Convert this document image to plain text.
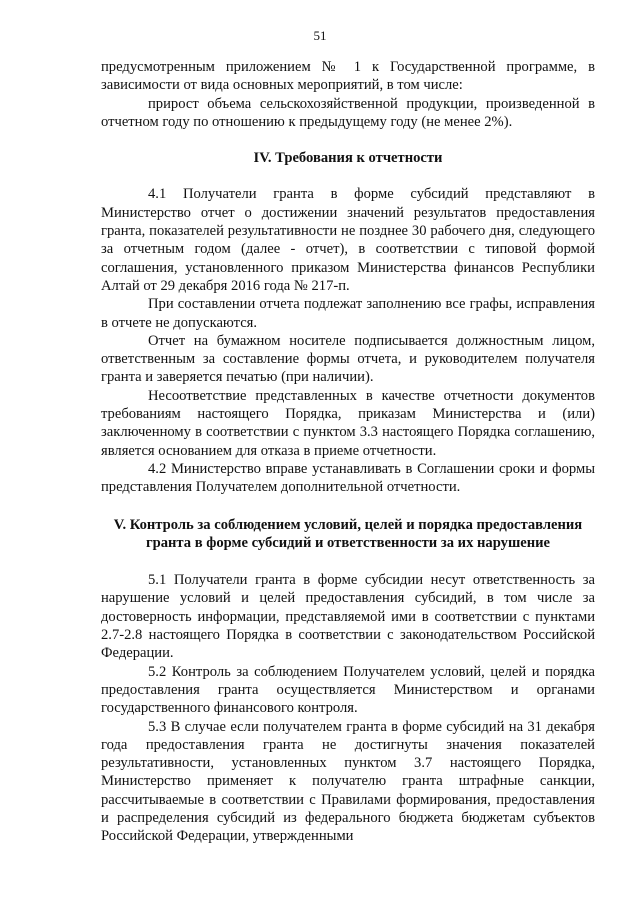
51

предусмотренным приложением № 1 к Государственной программе, в зависимости от вида основных мероприятий, в том числе:

прирост объема сельскохозяйственной продукции, произведенной в отчетном году по отношению к предыдущему году (не менее 2%).

IV. Требования к отчетности

4.1 Получатели гранта в форме субсидий представляют в Министерство отчет о достижении значений результатов предоставления гранта, показателей результативности не позднее 30 рабочего дня, следующего за отчетным годом (далее - отчет), в соответствии с типовой формой соглашения, установленного приказом Министерства финансов Республики Алтай от 29 декабря 2016 года № 217-п.

При составлении отчета подлежат заполнению все графы, исправления в отчете не допускаются.

Отчет на бумажном носителе подписывается должностным лицом, ответственным за составление формы отчета, и руководителем получателя гранта и заверяется печатью (при наличии).

Несоответствие представленных в качестве отчетности документов требованиям настоящего Порядка, приказам Министерства и (или) заключенному в соответствии с пунктом 3.3 настоящего Порядка соглашению, является основанием для отказа в приеме отчетности.

4.2 Министерство вправе устанавливать в Соглашении сроки и формы представления Получателем дополнительной отчетности.

V. Контроль за соблюдением условий, целей и порядка предоставления гранта в форме субсидий и ответственности за их нарушение

5.1 Получатели гранта в форме субсидии несут ответственность за нарушение условий и целей предоставления субсидий, в том числе за достоверность информации, представляемой ими в соответствии с пунктами 2.7-2.8 настоящего Порядка в соответствии с законодательством Российской Федерации.

5.2 Контроль за соблюдением Получателем условий, целей и порядка предоставления гранта осуществляется Министерством и органами государственного финансового контроля.

5.3 В случае если получателем гранта в форме субсидий на 31 декабря года предоставления гранта не достигнуты значения показателей результативности, установленных пунктом 3.7 настоящего Порядка, Министерство применяет к получателю гранта штрафные санкции, рассчитываемые в соответствии с Правилами формирования, предоставления и распределения субсидий из федерального бюджета бюджетам субъектов Российской Федерации, утвержденными
